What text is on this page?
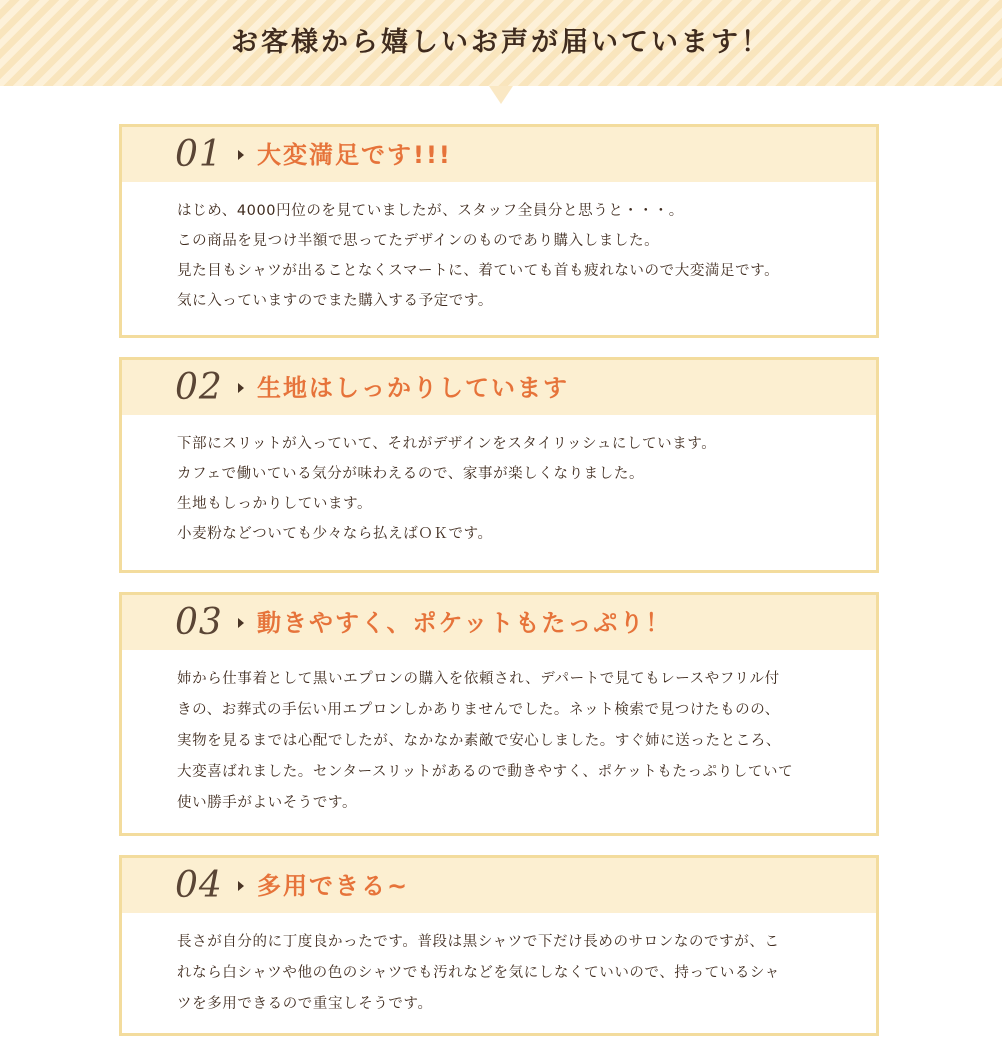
お客様から嬉しいお声が届いています！
01 大変満足です!!!
はじめ、4000円位のを見ていましたが、スタッフ全員分と思うと・・・。
この商品を見つけ半額で思ってたデザインのものであり購入しました。
見た目もシャツが出ることなくスマートに、着ていても首も疲れないので大変満足です。
気に入っていますのでまた購入する予定です。
02 生地はしっかりしています
下部にスリットが入っていて、それがデザインをスタイリッシュにしています。
カフェで働いている気分が味わえるので、家事が楽しくなりました。
生地もしっかりしています。
小麦粉などついても少々なら払えばＯＫです。
03 動きやすく、ポケットもたっぷり！
姉から仕事着として黒いエプロンの購入を依頼され、デパートで見てもレースやフリル付
きの、お葬式の手伝い用エプロンしかありませんでした。ネット検索で見つけたものの、
実物を見るまでは心配でしたが、なかなか素敵で安心しました。すぐ姉に送ったところ、
大変喜ばれました。センタースリットがあるので動きやすく、ポケットもたっぷりしていて
使い勝手がよいそうです。
04 多用できる~
長さが自分的に丁度良かったです。普段は黒シャツで下だけ長めのサロンなのですが、こ
れなら白シャツや他の色のシャツでも汚れなどを気にしなくていいので、持っているシャ
ツを多用できるので重宝しそうです。
